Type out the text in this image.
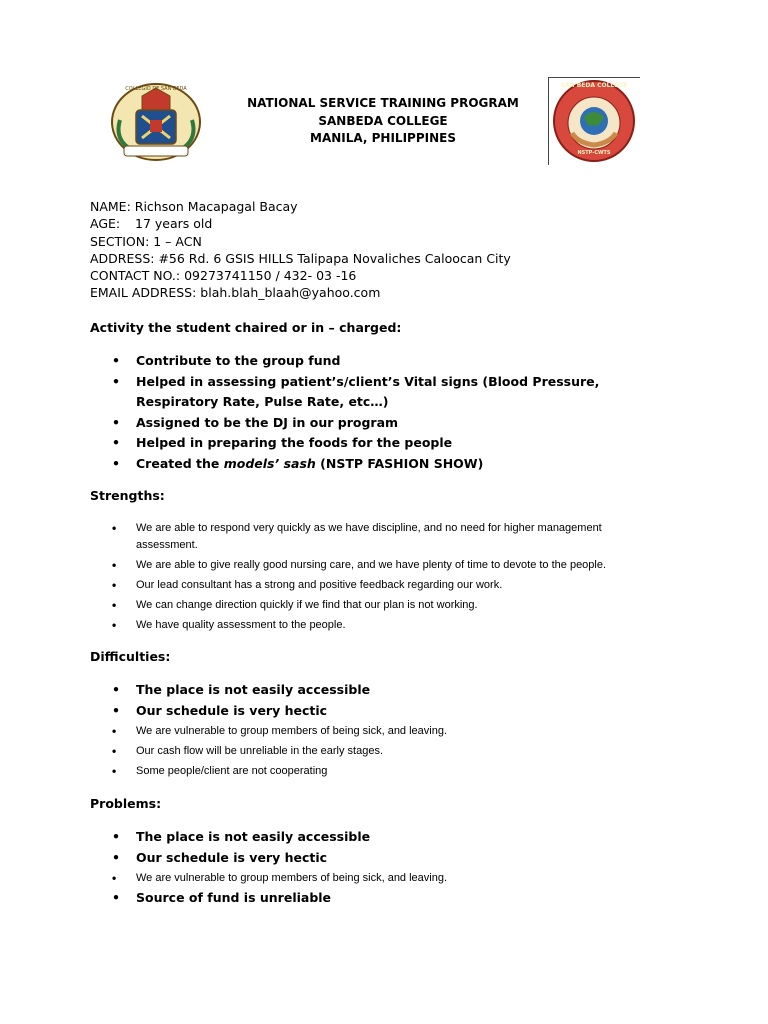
COLLEGIO DE SAN BEDA	SAN BEDA COLLEGE
NSTP-CWTS
NATIONAL SERVICE TRAINING PROGRAM
SANBEDA COLLEGE
MANILA, PHILIPPINES
NAME: Richson Macapagal Bacay
AGE: 17 years old
SECTION: 1 – ACN
ADDRESS: #56 Rd. 6 GSIS HILLS Talipapa Novaliches Caloocan City
CONTACT NO.: 09273741150 / 432- 03 -16
EMAIL ADDRESS: blah.blah_blaah@yahoo.com
Activity the student chaired or in – charged:
• Contribute to the group fund
• Helped in assessing patient’s/client’s Vital signs (Blood Pressure, Respiratory Rate, Pulse Rate, etc…)
• Assigned to be the DJ in our program
• Helped in preparing the foods for the people
• Created the models’ sash (NSTP FASHION SHOW)
Strengths:
• We are able to respond very quickly as we have discipline, and no need for higher management assessment.
• We are able to give really good nursing care, and we have plenty of time to devote to the people.
• Our lead consultant has a strong and positive feedback regarding our work.
• We can change direction quickly if we find that our plan is not working.
• We have quality assessment to the people.
Difficulties:
• The place is not easily accessible
• Our schedule is very hectic
• We are vulnerable to group members of being sick, and leaving.
• Our cash flow will be unreliable in the early stages.
• Some people/client are not cooperating
Problems:
• The place is not easily accessible
• Our schedule is very hectic
• We are vulnerable to group members of being sick, and leaving.
• Source of fund is unreliable
